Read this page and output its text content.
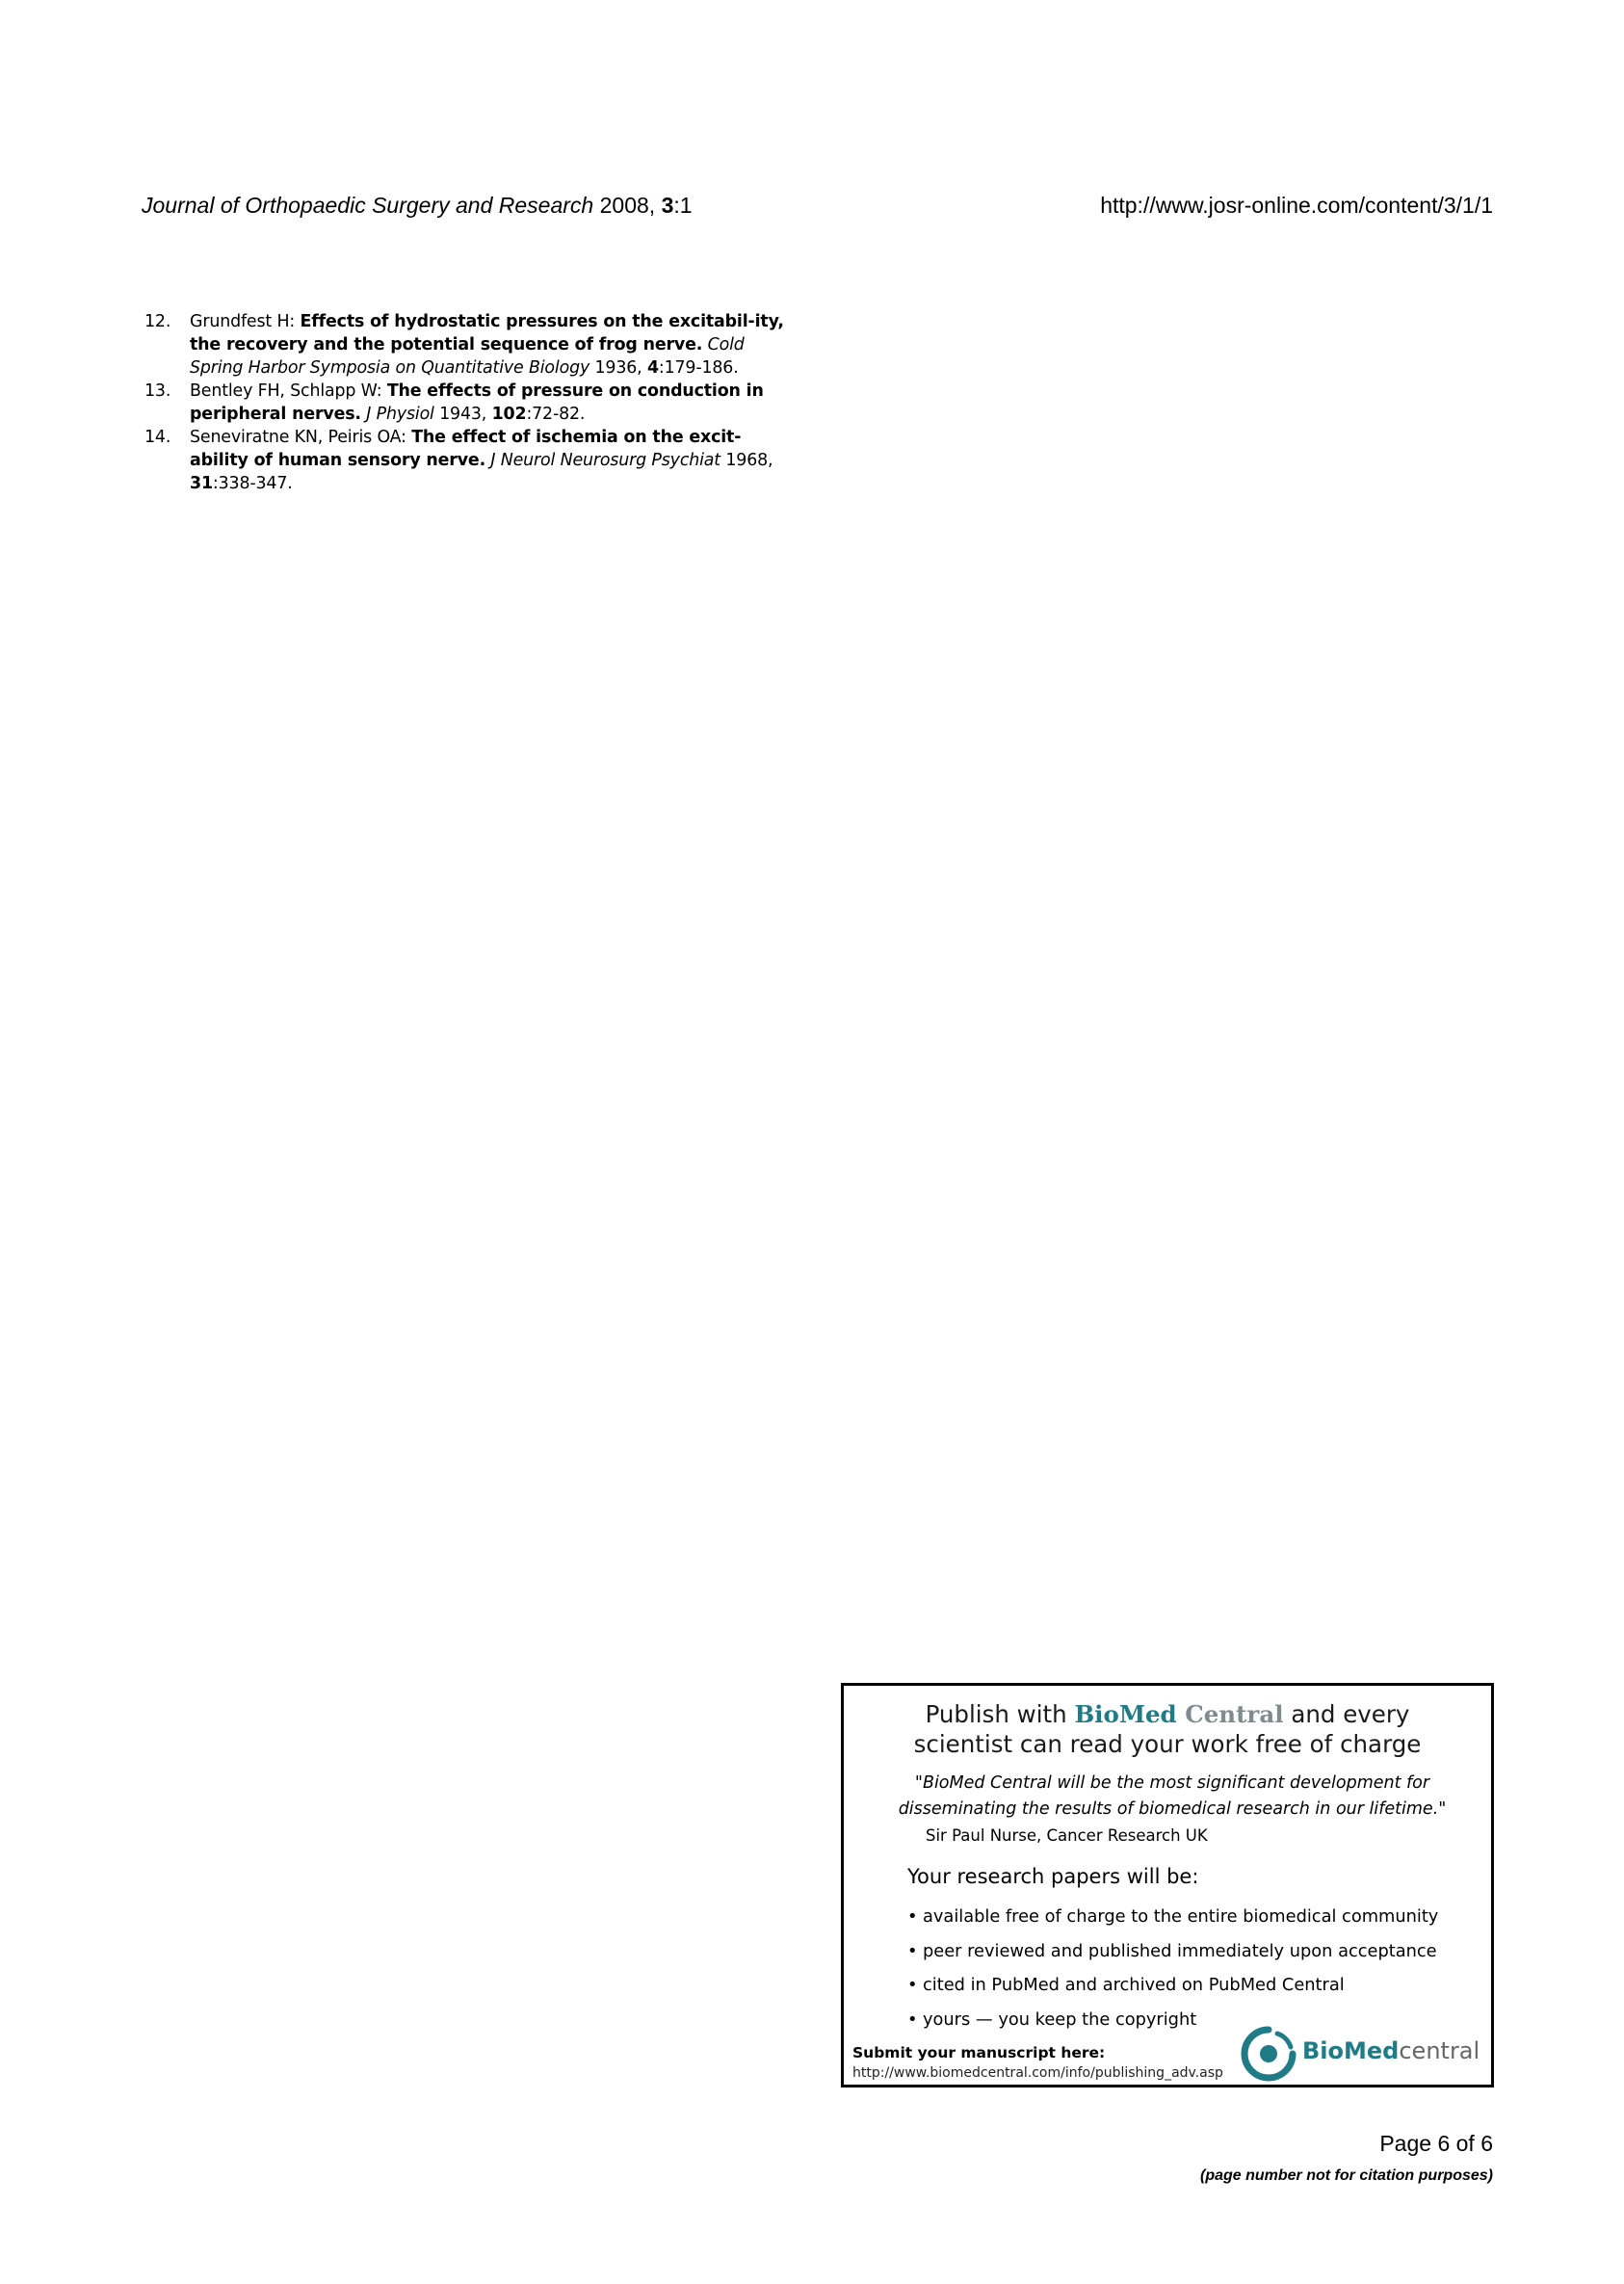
Journal of Orthopaedic Surgery and Research 2008, 3:1	http://www.josr-online.com/content/3/1/1
12. Grundfest H: Effects of hydrostatic pressures on the excitabil-ity, the recovery and the potential sequence of frog nerve. Cold Spring Harbor Symposia on Quantitative Biology 1936, 4:179-186.
13. Bentley FH, Schlapp W: The effects of pressure on conduction in peripheral nerves. J Physiol 1943, 102:72-82.
14. Seneviratne KN, Peiris OA: The effect of ischemia on the excit-ability of human sensory nerve. J Neurol Neurosurg Psychiat 1968, 31:338-347.
Publish with BioMed Central and every
scientist can read your work free of charge
"BioMed Central will be the most significant development for disseminating the results of biomedical research in our lifetime."
Sir Paul Nurse, Cancer Research UK
Your research papers will be:
• available free of charge to the entire biomedical community
• peer reviewed and published immediately upon acceptance
• cited in PubMed and archived on PubMed Central
• yours — you keep the copyright
Submit your manuscript here:
http://www.biomedcentral.com/info/publishing_adv.asp
BioMedcentral
Page 6 of 6
(page number not for citation purposes)
